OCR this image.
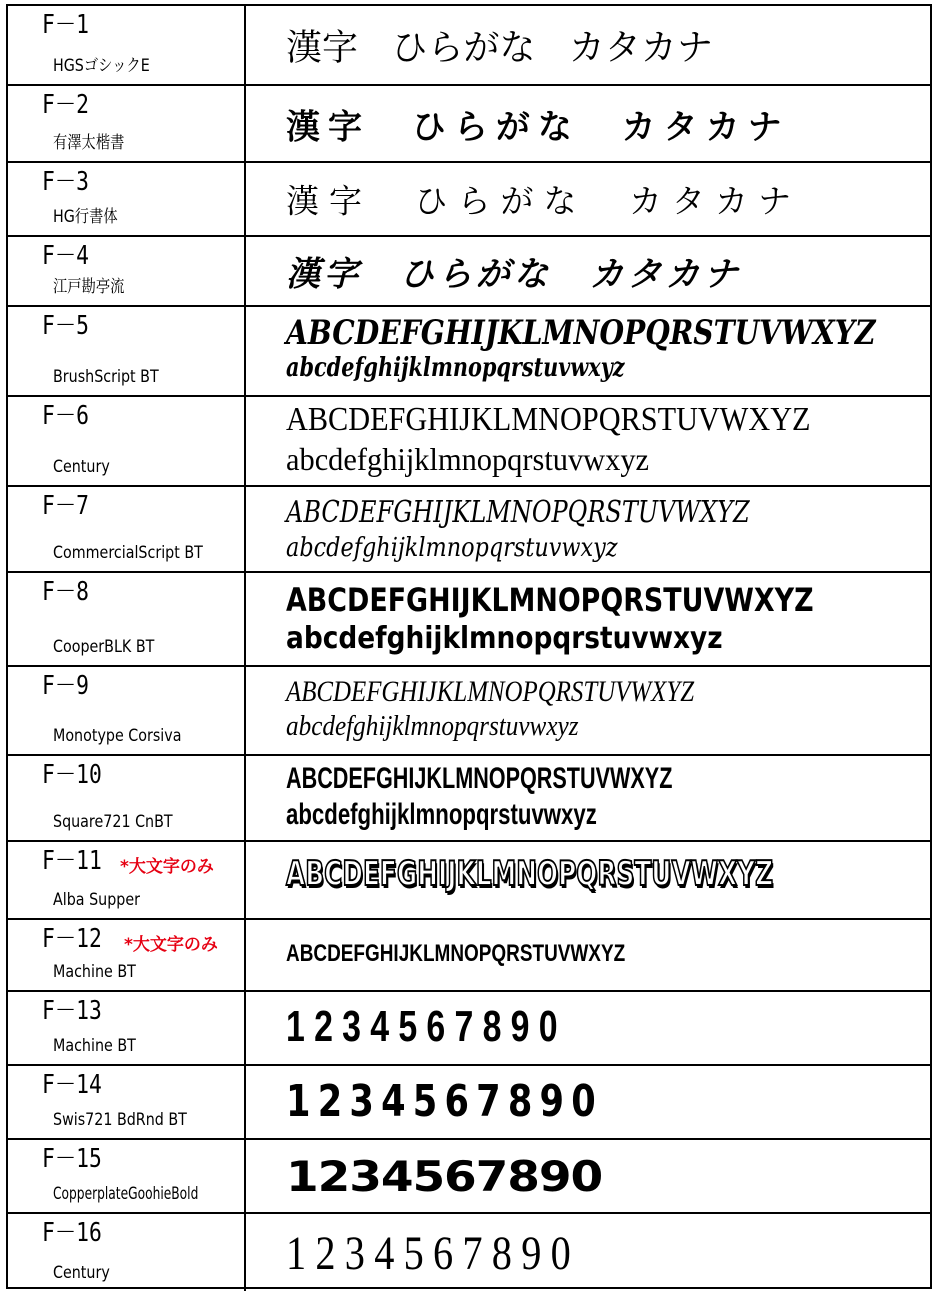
F－1
HGSゴシックE	漢字 ひらがな カタカナ
F－2
有澤太楷書	漢字 ひらがな カタカナ
F－3
HG行書体	漢字 ひらがな カタカナ
F－4
江戸勘亭流	漢字 ひらがな カタカナ
F－5
BrushScript BT
ABCDEFGHIJKLMNOPQRSTUVWXYZ
abcdefghijklmnopqrstuvwxyz
F－6
Century
ABCDEFGHIJKLMNOPQRSTUVWXYZ
abcdefghijklmnopqrstuvwxyz
F－7
CommercialScript BT
ABCDEFGHIJKLMNOPQRSTUVWXYZ
abcdefghijklmnopqrstuvwxyz
F－8
CooperBLK BT
ABCDEFGHIJKLMNOPQRSTUVWXYZ
abcdefghijklmnopqrstuvwxyz
F－9
Monotype Corsiva
ABCDEFGHIJKLMNOPQRSTUVWXYZ
abcdefghijklmnopqrstuvwxyz
F－10
Square721 CnBT
ABCDEFGHIJKLMNOPQRSTUVWXYZ
abcdefghijklmnopqrstuvwxyz
F－11 *大文字のみ
Alba Supper
ABCDEFGHIJKLMNOPQRSTUVWXYZ
F－12 *大文字のみ
Machine BT
ABCDEFGHIJKLMNOPQRSTUVWXYZ
F－13
Machine BT	1234567890
F－14
Swis721 BdRnd BT 1234567890
F－15
CopperplateGoohieBold 1234567890
F－16
Century	1234567890
